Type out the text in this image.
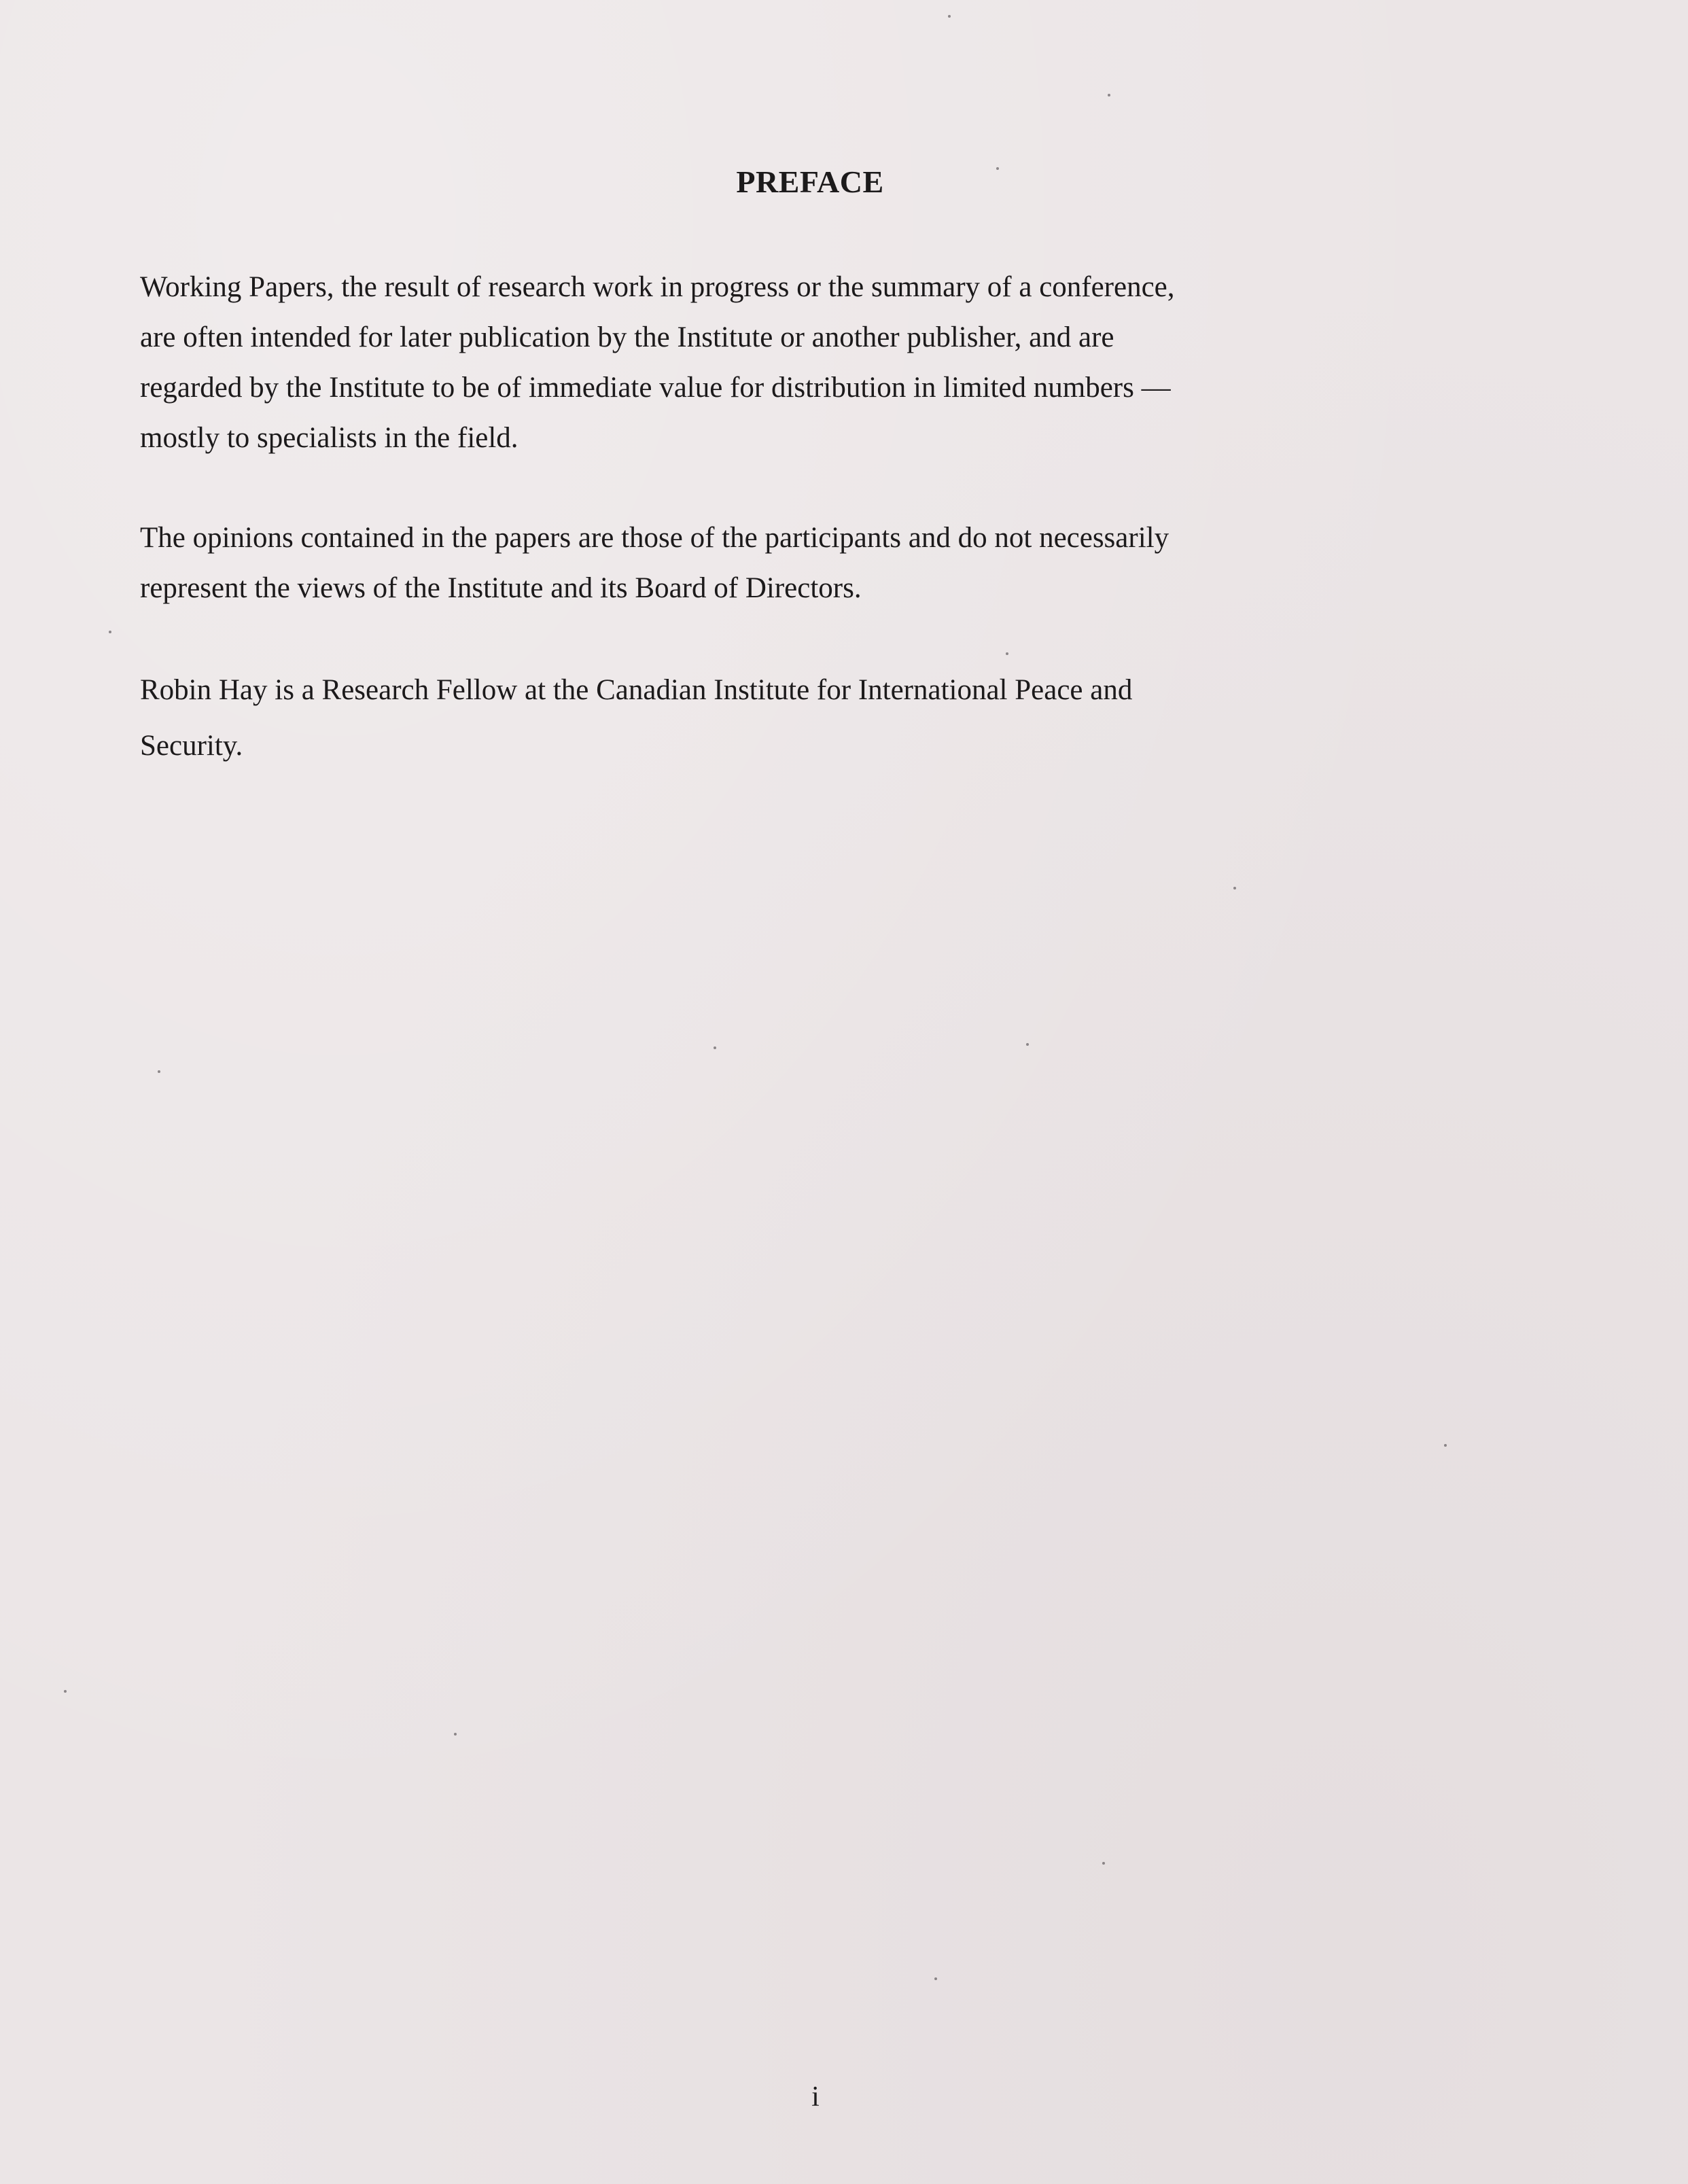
PREFACE

Working Papers, the result of research work in progress or the summary of a conference,
are often intended for later publication by the Institute or another publisher, and are
regarded by the Institute to be of immediate value for distribution in limited numbers —
mostly to specialists in the field.

The opinions contained in the papers are those of the participants and do not necessarily
represent the views of the Institute and its Board of Directors.

Robin Hay is a Research Fellow at the Canadian Institute for International Peace and
Security.

i
